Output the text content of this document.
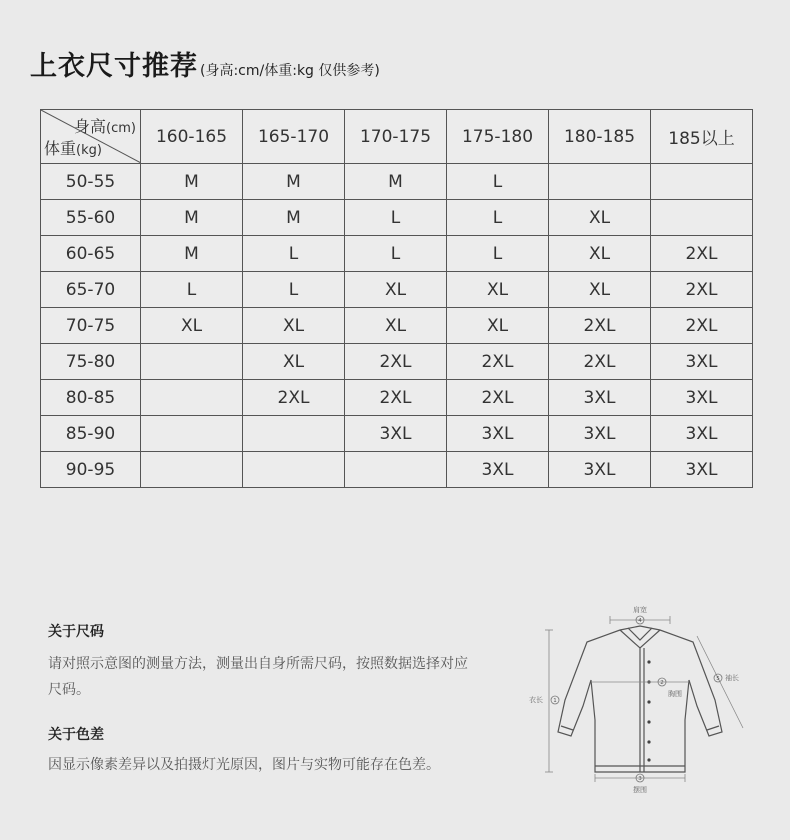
上衣尺寸推荐 (身高:cm/体重:kg 仅供参考)
身高(cm)
体重(kg)	160-165	165-170	170-175	175-180	180-185	185以上
50-55	M	M	M	L		
55-60	M	M	L	L	XL	
60-65	M	L	L	L	XL	2XL
65-70	L	L	XL	XL	XL	2XL
70-75	XL	XL	XL	XL	2XL	2XL
75-80		XL	2XL	2XL	2XL	3XL
80-85		2XL	2XL	2XL	3XL	3XL
85-90			3XL	3XL	3XL	3XL
90-95				3XL	3XL	3XL
关于尺码

请对照示意图的测量方法，测量出自身所需尺码，按照数据选择对应尺码。

关于色差

因显示像素差异以及拍摄灯光原因，图片与实物可能存在色差。

4
2
5
1
3
肩宽
胸围
袖长
衣长
摆围
